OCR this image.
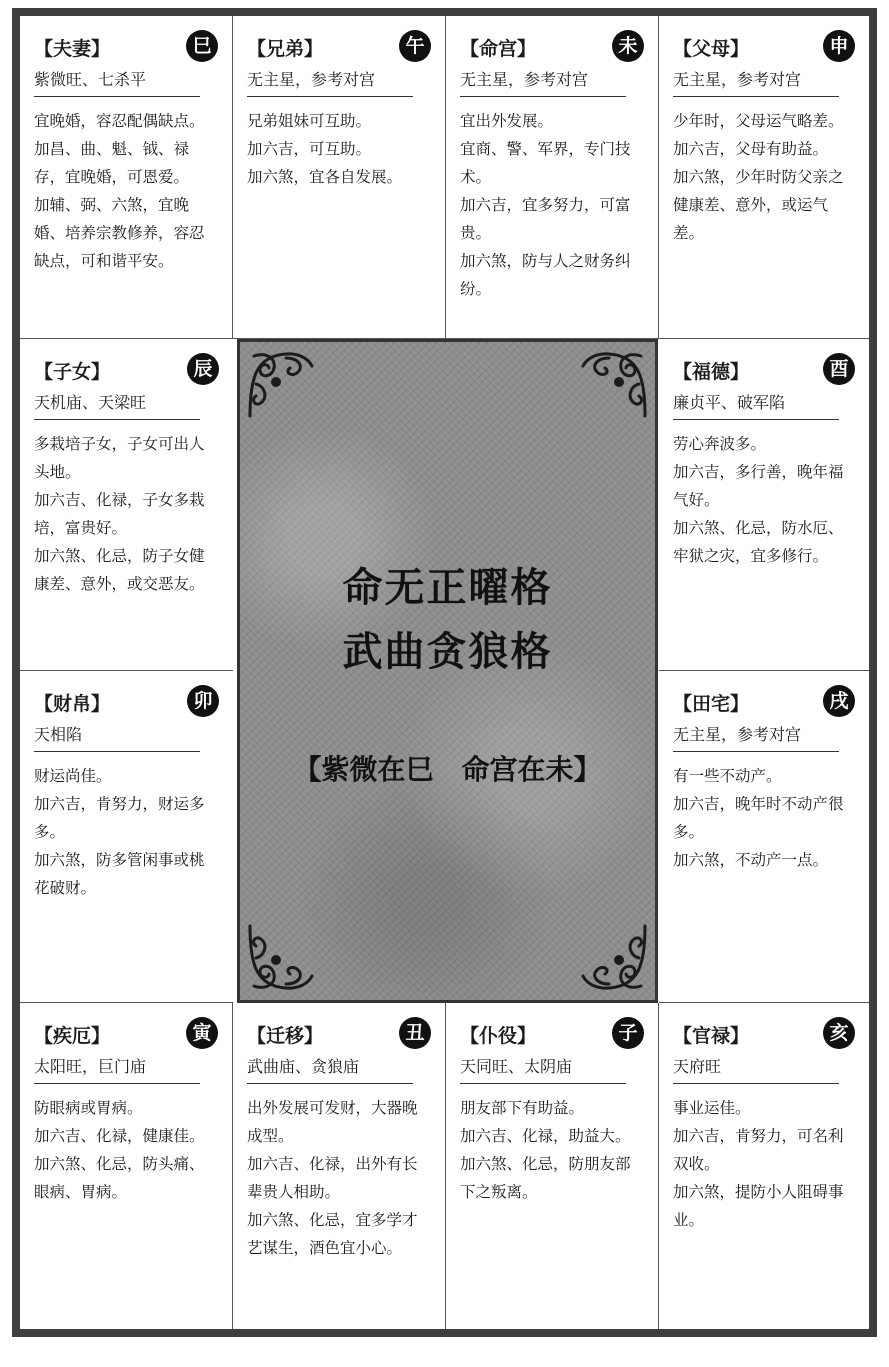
【夫妻】	巳
紫微旺、七杀平

宜晚婚，容忍配偶缺点。

加昌、曲、魁、钺、禄存，宜晚婚，可恩爱。

加辅、弼、六煞，宜晚婚、培养宗教修养，容忍缺点，可和谐平安。

【兄弟】	午
无主星，参考对宫

兄弟姐妹可互助。

加六吉，可互助。

加六煞，宜各自发展。

【命宫】	未
无主星，参考对宫

宜出外发展。

宜商、警、军界，专门技术。

加六吉，宜多努力，可富贵。

加六煞，防与人之财务纠纷。

【父母】	申
无主星，参考对宫

少年时，父母运气略差。

加六吉，父母有助益。

加六煞，少年时防父亲之健康差、意外，或运气差。

【子女】	辰
天机庙、天梁旺

多栽培子女，子女可出人头地。

加六吉、化禄，子女多栽培，富贵好。

加六煞、化忌，防子女健康差、意外，或交恶友。

【财帛】	卯
天相陷

财运尚佳。

加六吉，肯努力，财运多多。

加六煞，防多管闲事或桃花破财。

【福德】	酉
廉贞平、破军陷

劳心奔波多。

加六吉，多行善，晚年福气好。

加六煞、化忌，防水厄、牢狱之灾，宜多修行。

【田宅】	戌
无主星，参考对宫

有一些不动产。

加六吉，晚年时不动产很多。

加六煞，不动产一点。

【疾厄】	寅
太阳旺，巨门庙

防眼病或胃病。

加六吉、化禄，健康佳。

加六煞、化忌，防头痛、眼病、胃病。

【迁移】	丑
武曲庙、贪狼庙

出外发展可发财，大器晚成型。

加六吉、化禄，出外有长辈贵人相助。

加六煞、化忌，宜多学才艺谋生，酒色宜小心。

【仆役】	子
天同旺、太阴庙

朋友部下有助益。

加六吉、化禄，助益大。

加六煞、化忌，防朋友部下之叛离。

【官禄】	亥
天府旺

事业运佳。

加六吉，肯努力，可名利双收。

加六煞，提防小人阻碍事业。

命无正曜格
武曲贪狼格
【紫微在巳　命宫在未】
